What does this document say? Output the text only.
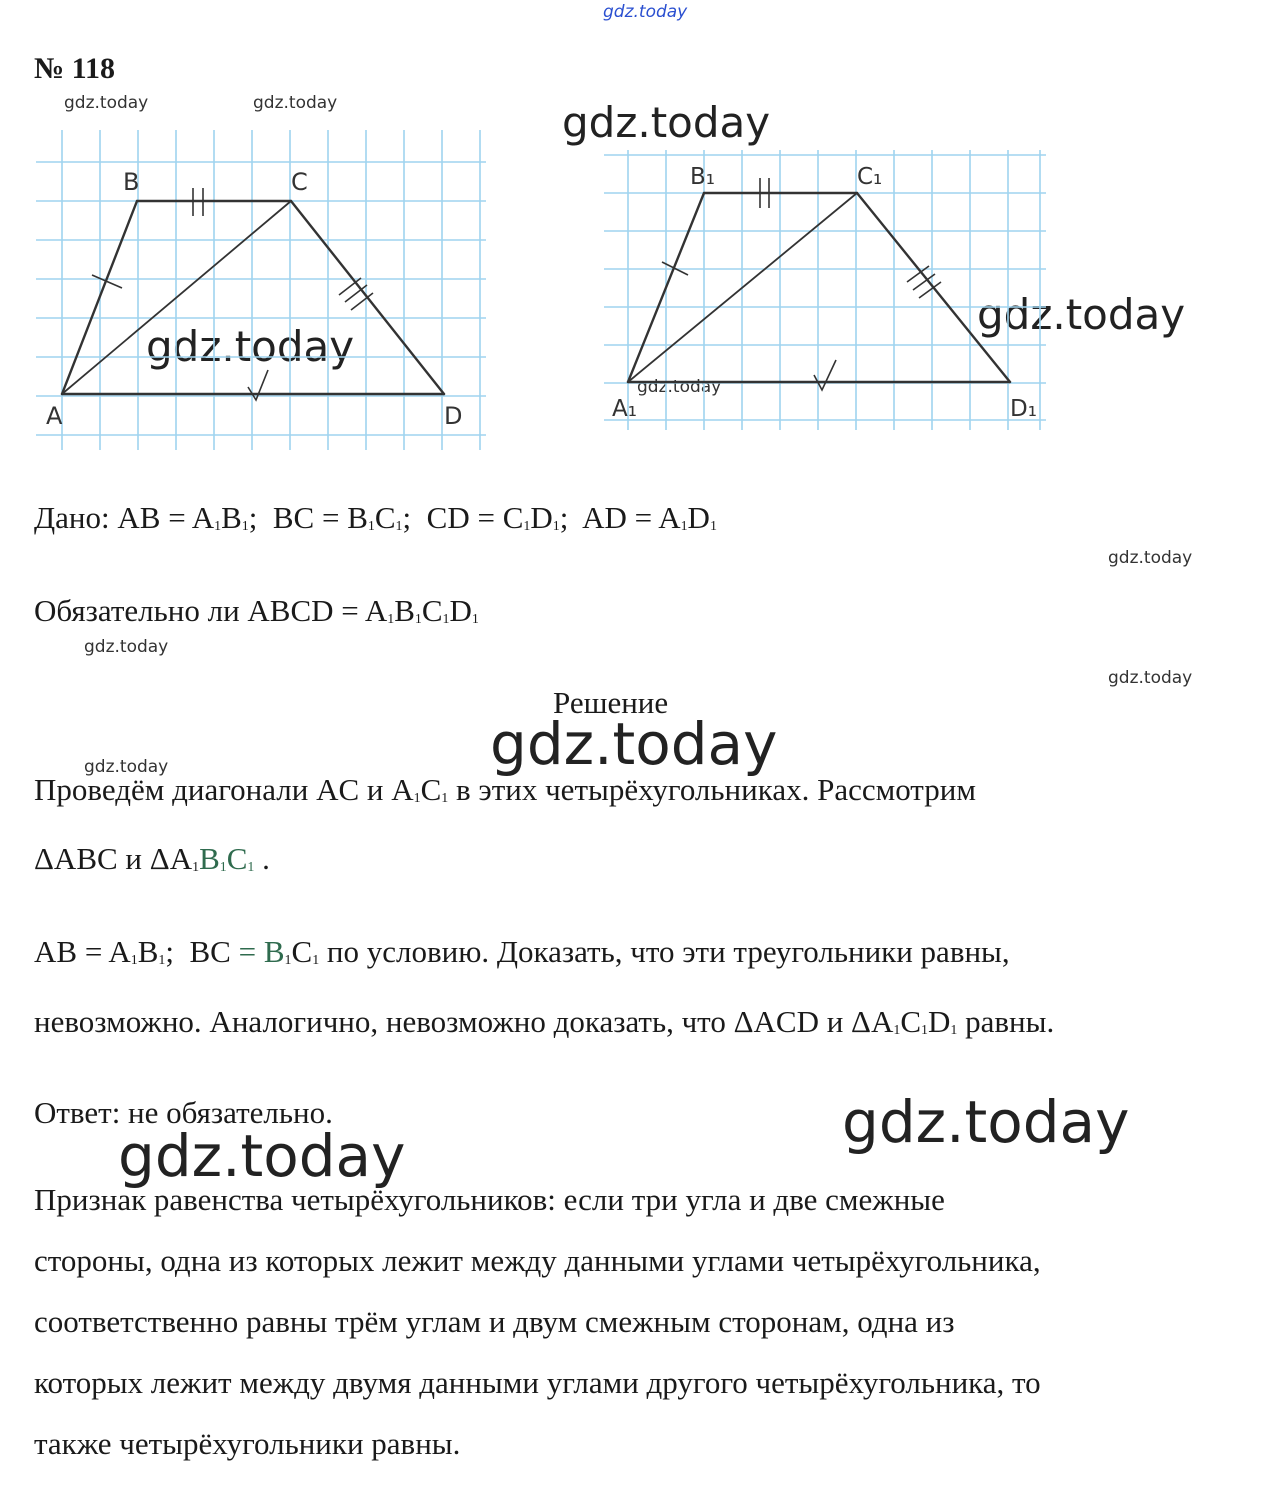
gdz.today
gdz.today	gdz.today	gdz.today
gdz.today
gdz.today
gdz.today
gdz.today
gdz.today
gdz.today
gdz.today
№ 118
A
B	C
D	A₁
B₁	C₁
D₁
Дано: AB = $A_1B_1$;  BC = $B_1C_1$;  CD = $C_1D_1$;  AD = $A_1D_1$
Обязательно ли ABCD = $A_1B_1C_1D_1$
Решение
gdz.today
Проведём диагонали AC и $A_1C_1$ в этих четырёхугольниках. Рассмотрим
ΔABC и $\Delta A_1B_1C_1$ .
AB = $A_1B_1$;  BC = $B_1C_1$ по условию. Доказать, что эти треугольники равны,
невозможно. Аналогично, невозможно доказать, что ΔACD и $\Delta A_1C_1D_1$ равны.
Ответ: не обязательно.	gdz.today
gdz.today
Признак равенства четырёхугольников: если три угла и две смежные
стороны, одна из которых лежит между данными углами четырёхугольника,
соответственно равны трём углам и двум смежным сторонам, одна из
которых лежит между двумя данными углами другого четырёхугольника, то
также четырёхугольники равны.
